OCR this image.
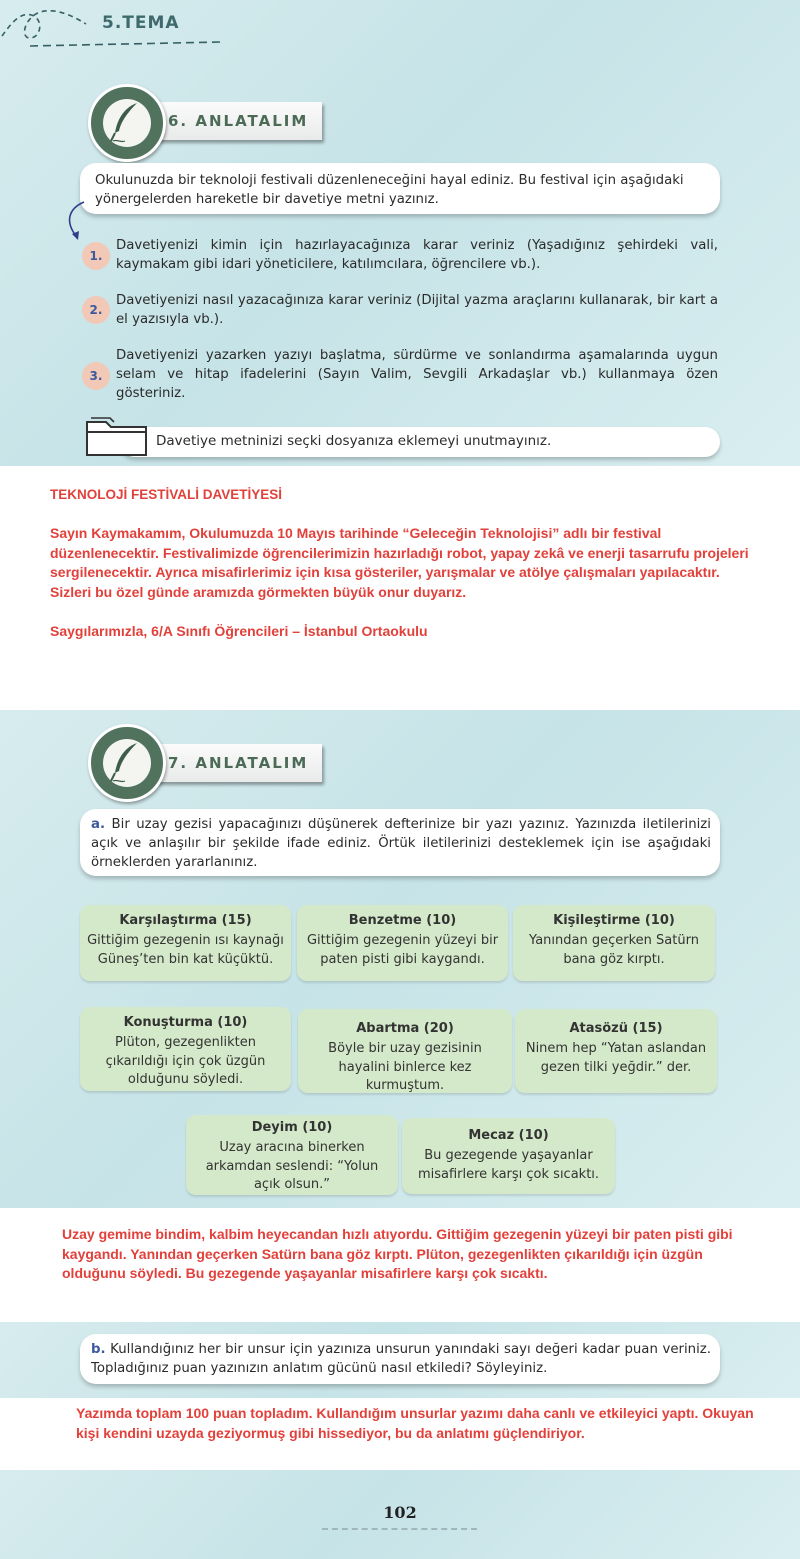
5.TEMA
6. ANLATALIM
Okulunuzda bir teknoloji festivali düzenleneceğini hayal ediniz. Bu festival için aşağıdaki yönergelerden hareketle bir davetiye metni yazınız.
1.
Davetiyenizi kimin için hazırlayacağınıza karar veriniz (Yaşadığınız şehirdeki vali, kaymakam gibi idari yöneticilere, katılımcılara, öğrencilere vb.).
2.
Davetiyenizi nasıl yazacağınıza karar veriniz (Dijital yazma araçlarını kullanarak, bir kart a el yazısıyla vb.).
3.
Davetiyenizi yazarken yazıyı başlatma, sürdürme ve sonlandırma aşamalarında uygun selam ve hitap ifadelerini (Sayın Valim, Sevgili Arkadaşlar vb.) kullanmaya özen gösteriniz.
Davetiye metninizi seçki dosyanıza eklemeyi unutmayınız.
TEKNOLOJİ FESTİVALİ DAVETİYESİ
Sayın Kaymakamım, Okulumuzda 10 Mayıs tarihinde “Geleceğin Teknolojisi” adlı bir festival düzenlenecektir. Festivalimizde öğrencilerimizin hazırladığı robot, yapay zekâ ve enerji tasarrufu projeleri sergilenecektir. Ayrıca misafirlerimiz için kısa gösteriler, yarışmalar ve atölye çalışmaları yapılacaktır. Sizleri bu özel günde aramızda görmekten büyük onur duyarız.
Saygılarımızla, 6/A Sınıfı Öğrencileri – İstanbul Ortaokulu
7. ANLATALIM
a. Bir uzay gezisi yapacağınızı düşünerek defterinize bir yazı yazınız. Yazınızda iletilerinizi açık ve anlaşılır bir şekilde ifade ediniz. Örtük iletilerinizi desteklemek için ise aşağıdaki örneklerden yararlanınız.
Karşılaştırma (15)
Gittiğim gezegenin ısı kaynağı Güneş’ten bin kat küçüktü.
Benzetme (10)
Gittiğim gezegenin yüzeyi bir paten pisti gibi kaygandı.
Kişileştirme (10)
Yanından geçerken Satürn bana göz kırptı.
Konuşturma (10)
Plüton, gezegenlikten çıkarıldığı için çok üzgün olduğunu söyledi.
Abartma (20)
Böyle bir uzay gezisinin hayalini binlerce kez kurmuştum.
Atasözü (15)
Ninem hep “Yatan aslandan gezen tilki yeğdir.” der.
Deyim (10)
Uzay aracına binerken arkamdan seslendi: “Yolun açık olsun.”
Mecaz (10)
Bu gezegende yaşayanlar misafirlere karşı çok sıcaktı.
Uzay gemime bindim, kalbim heyecandan hızlı atıyordu. Gittiğim gezegenin yüzeyi bir paten pisti gibi kaygandı. Yanından geçerken Satürn bana göz kırptı. Plüton, gezegenlikten çıkarıldığı için üzgün olduğunu söyledi. Bu gezegende yaşayanlar misafirlere karşı çok sıcaktı.
b. Kullandığınız her bir unsur için yazınıza unsurun yanındaki sayı değeri kadar puan veriniz. Topladığınız puan yazınızın anlatım gücünü nasıl etkiledi? Söyleyiniz.
Yazımda toplam 100 puan topladım. Kullandığım unsurlar yazımı daha canlı ve etkileyici yaptı. Okuyan kişi kendini uzayda geziyormuş gibi hissediyor, bu da anlatımı güçlendiriyor.
102
